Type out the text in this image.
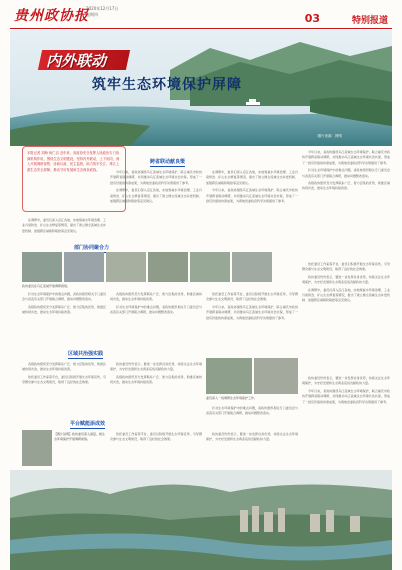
贵州政协报
2020年12月17日
星期四	03	特别报道
内外联动
筑牢生态环境保护屏障
图片来源：网络
本报记者 刘海 杨仁洁 近年来，省政协充分发挥人民政协专门协商机构作用，围绕生态文明建设，坚持内外联动，上下协同，深入开展调研视察、协商议政、民主监督，助力筑牢长江、珠江上游生态安全屏障，推动守好发展和生态两条底线。
跨省联动献良策

今年以来，省政协围绕乌江流域生态环境保护，联合重庆市政协开展跨省联动调研，共同推动乌江流域生态环境共治共保，形成了一批有价值的协商成果，为两地党委政府科学决策提供了参考。

在调研中，委员们深入沿江各地，实地察看水环境治理、工业污染防治、矿山生态修复等情况，提出了建立健全流域生态补偿机制、加强跨区域联防联控等意见建议。

在调研中，委员们深入沿江各地，实地察看水环境治理、工业污染防治、矿山生态修复等情况，提出了建立健全流域生态补偿机制、加强跨区域联防联控等意见建议。

今年以来，省政协围绕乌江流域生态环境保护，联合重庆市政协开展跨省联动调研，共同推动乌江流域生态环境共治共保，形成了一批有价值的协商成果，为两地党委政府科学决策提供了参考。

今年以来，省政协围绕乌江流域生态环境保护，联合重庆市政协开展跨省联动调研，共同推动乌江流域生态环境共治共保，形成了一批有价值的协商成果，为两地党委政府科学决策提供了参考。

针对生态环境保护中的难点问题，省政协组织相关专门委员会与省直有关部门开展联合调研，推动问题整改落实。

各级政协组织充分发挥联系广泛、智力密集的优势，助推区域协同共治，推动生态环境持续改善。

在调研中，委员们深入沿江各地，实地察看水环境治理、工业污染防治、矿山生态修复等情况，提出了建立健全流域生态补偿机制、加强跨区域联防联控等意见建议。

部门协同聚合力
政协委员在乌江流域开展调研视察。

针对生态环境保护中的难点问题，省政协组织相关专门委员会与省直有关部门开展联合调研，推动问题整改落实。

各级政协组织充分发挥联系广泛、智力密集的优势，助推区域协同共治，推动生态环境持续改善。

各级政协组织充分发挥联系广泛、智力密集的优势，助推区域协同共治，推动生态环境持续改善。

针对生态环境保护中的难点问题，省政协组织相关专门委员会与省直有关部门开展联合调研，推动问题整改落实。

依托委员工作室等平台，委员们积极开展生态环保宣传，引导群众参与生态文明建设，取得了良好的社会效果。

今年以来，省政协围绕乌江流域生态环境保护，联合重庆市政协开展跨省联动调研，共同推动乌江流域生态环境共治共保，形成了一批有价值的协商成果，为两地党委政府科学决策提供了参考。

依托委员工作室等平台，委员们积极开展生态环保宣传，引导群众参与生态文明建设，取得了良好的社会效果。

政协委员纷纷表示，要进一步发挥自身优势，持续关注生态环境保护，为守好发展和生态两条底线贡献政协力量。

在调研中，委员们深入沿江各地，实地察看水环境治理、工业污染防治、矿山生态修复等情况，提出了建立健全流域生态补偿机制、加强跨区域联防联控等意见建议。

区域共治强实践

各级政协组织充分发挥联系广泛、智力密集的优势，助推区域协同共治，推动生态环境持续改善。

依托委员工作室等平台，委员们积极开展生态环保宣传，引导群众参与生态文明建设，取得了良好的社会效果。

政协委员纷纷表示，要进一步发挥自身优势，持续关注生态环境保护，为守好发展和生态两条底线贡献政协力量。

各级政协组织充分发挥联系广泛、智力密集的优势，助推区域协同共治，推动生态环境持续改善。

委员深入一线调研生态环境保护工作。

针对生态环境保护中的难点问题，省政协组织相关专门委员会与省直有关部门开展联合调研，推动问题整改落实。

政协委员纷纷表示，要进一步发挥自身优势，持续关注生态环境保护，为守好发展和生态两条底线贡献政协力量。

今年以来，省政协围绕乌江流域生态环境保护，联合重庆市政协开展跨省联动调研，共同推动乌江流域生态环境共治共保，形成了一批有价值的协商成果，为两地党委政府科学决策提供了参考。

平台赋能添成效
【图片说明】政协委员深入基层，就生态环境保护开展调研视察。

依托委员工作室等平台，委员们积极开展生态环保宣传，引导群众参与生态文明建设，取得了良好的社会效果。

政协委员纷纷表示，要进一步发挥自身优势，持续关注生态环境保护，为守好发展和生态两条底线贡献政协力量。
